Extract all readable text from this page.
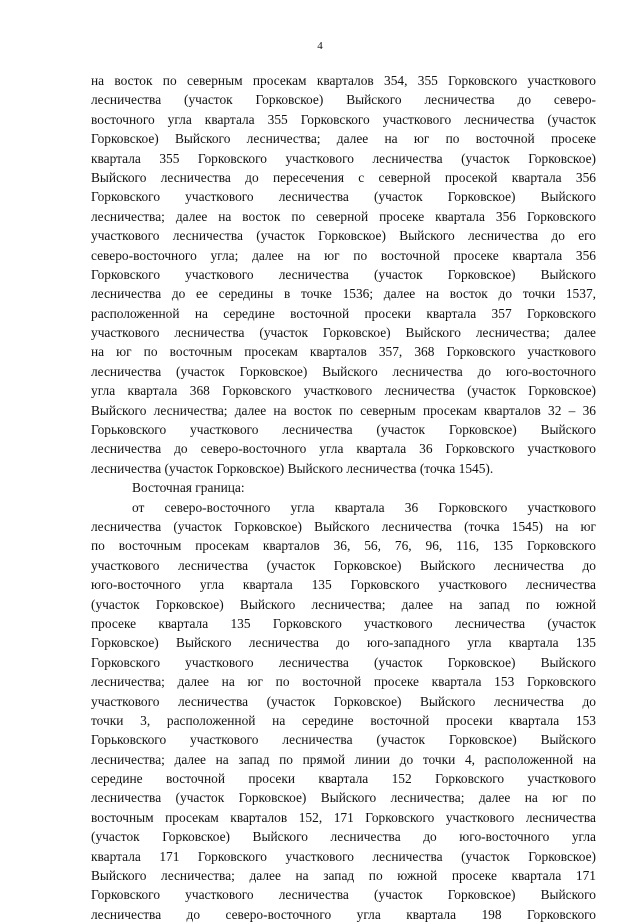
4
на восток по северным просекам кварталов 354, 355 Горковского участкового
лесничества (участок Горковское) Выйского лесничества до северо-
восточного угла квартала 355 Горковского участкового лесничества (участок
Горковское) Выйского лесничества; далее на юг по восточной просеке
квартала 355 Горковского участкового лесничества (участок Горковское)
Выйского лесничества до пересечения с северной просекой квартала 356
Горковского участкового лесничества (участок Горковское) Выйского
лесничества; далее на восток по северной просеке квартала 356 Горковского
участкового лесничества (участок Горковское) Выйского лесничества до его
северо-восточного угла; далее на юг по восточной просеке квартала 356
Горковского участкового лесничества (участок Горковское) Выйского
лесничества до ее середины в точке 1536; далее на восток до точки 1537,
расположенной на середине восточной просеки квартала 357 Горковского
участкового лесничества (участок Горковское) Выйского лесничества; далее
на юг по восточным просекам кварталов 357, 368 Горковского участкового
лесничества (участок Горковское) Выйского лесничества до юго-восточного
угла квартала 368 Горковского участкового лесничества (участок Горковское)
Выйского лесничества; далее на восток по северным просекам кварталов 32 – 36
Горьковского участкового лесничества (участок Горковское) Выйского
лесничества до северо-восточного угла квартала 36 Горковского участкового
лесничества (участок Горковское) Выйского лесничества (точка 1545).
Восточная граница:
от северо-восточного угла квартала 36 Горковского участкового
лесничества (участок Горковское) Выйского лесничества (точка 1545) на юг
по восточным просекам кварталов 36, 56, 76, 96, 116, 135 Горковского
участкового лесничества (участок Горковское) Выйского лесничества до
юго-восточного угла квартала 135 Горковского участкового лесничества
(участок Горковское) Выйского лесничества; далее на запад по южной
просеке квартала 135 Горковского участкового лесничества (участок
Горковское) Выйского лесничества до юго-западного угла квартала 135
Горковского участкового лесничества (участок Горковское) Выйского
лесничества; далее на юг по восточной просеке квартала 153 Горковского
участкового лесничества (участок Горковское) Выйского лесничества до
точки 3, расположенной на середине восточной просеки квартала 153
Горьковского участкового лесничества (участок Горковское) Выйского
лесничества; далее на запад по прямой линии до точки 4, расположенной на
середине восточной просеки квартала 152 Горковского участкового
лесничества (участок Горковское) Выйского лесничества; далее на юг по
восточным просекам кварталов 152, 171 Горковского участкового лесничества
(участок Горковское) Выйского лесничества до юго-восточного угла
квартала 171 Горковского участкового лесничества (участок Горковское)
Выйского лесничества; далее на запад по южной просеке квартала 171
Горковского участкового лесничества (участок Горковское) Выйского
лесничества до северо-восточного угла квартала 198 Горковского
